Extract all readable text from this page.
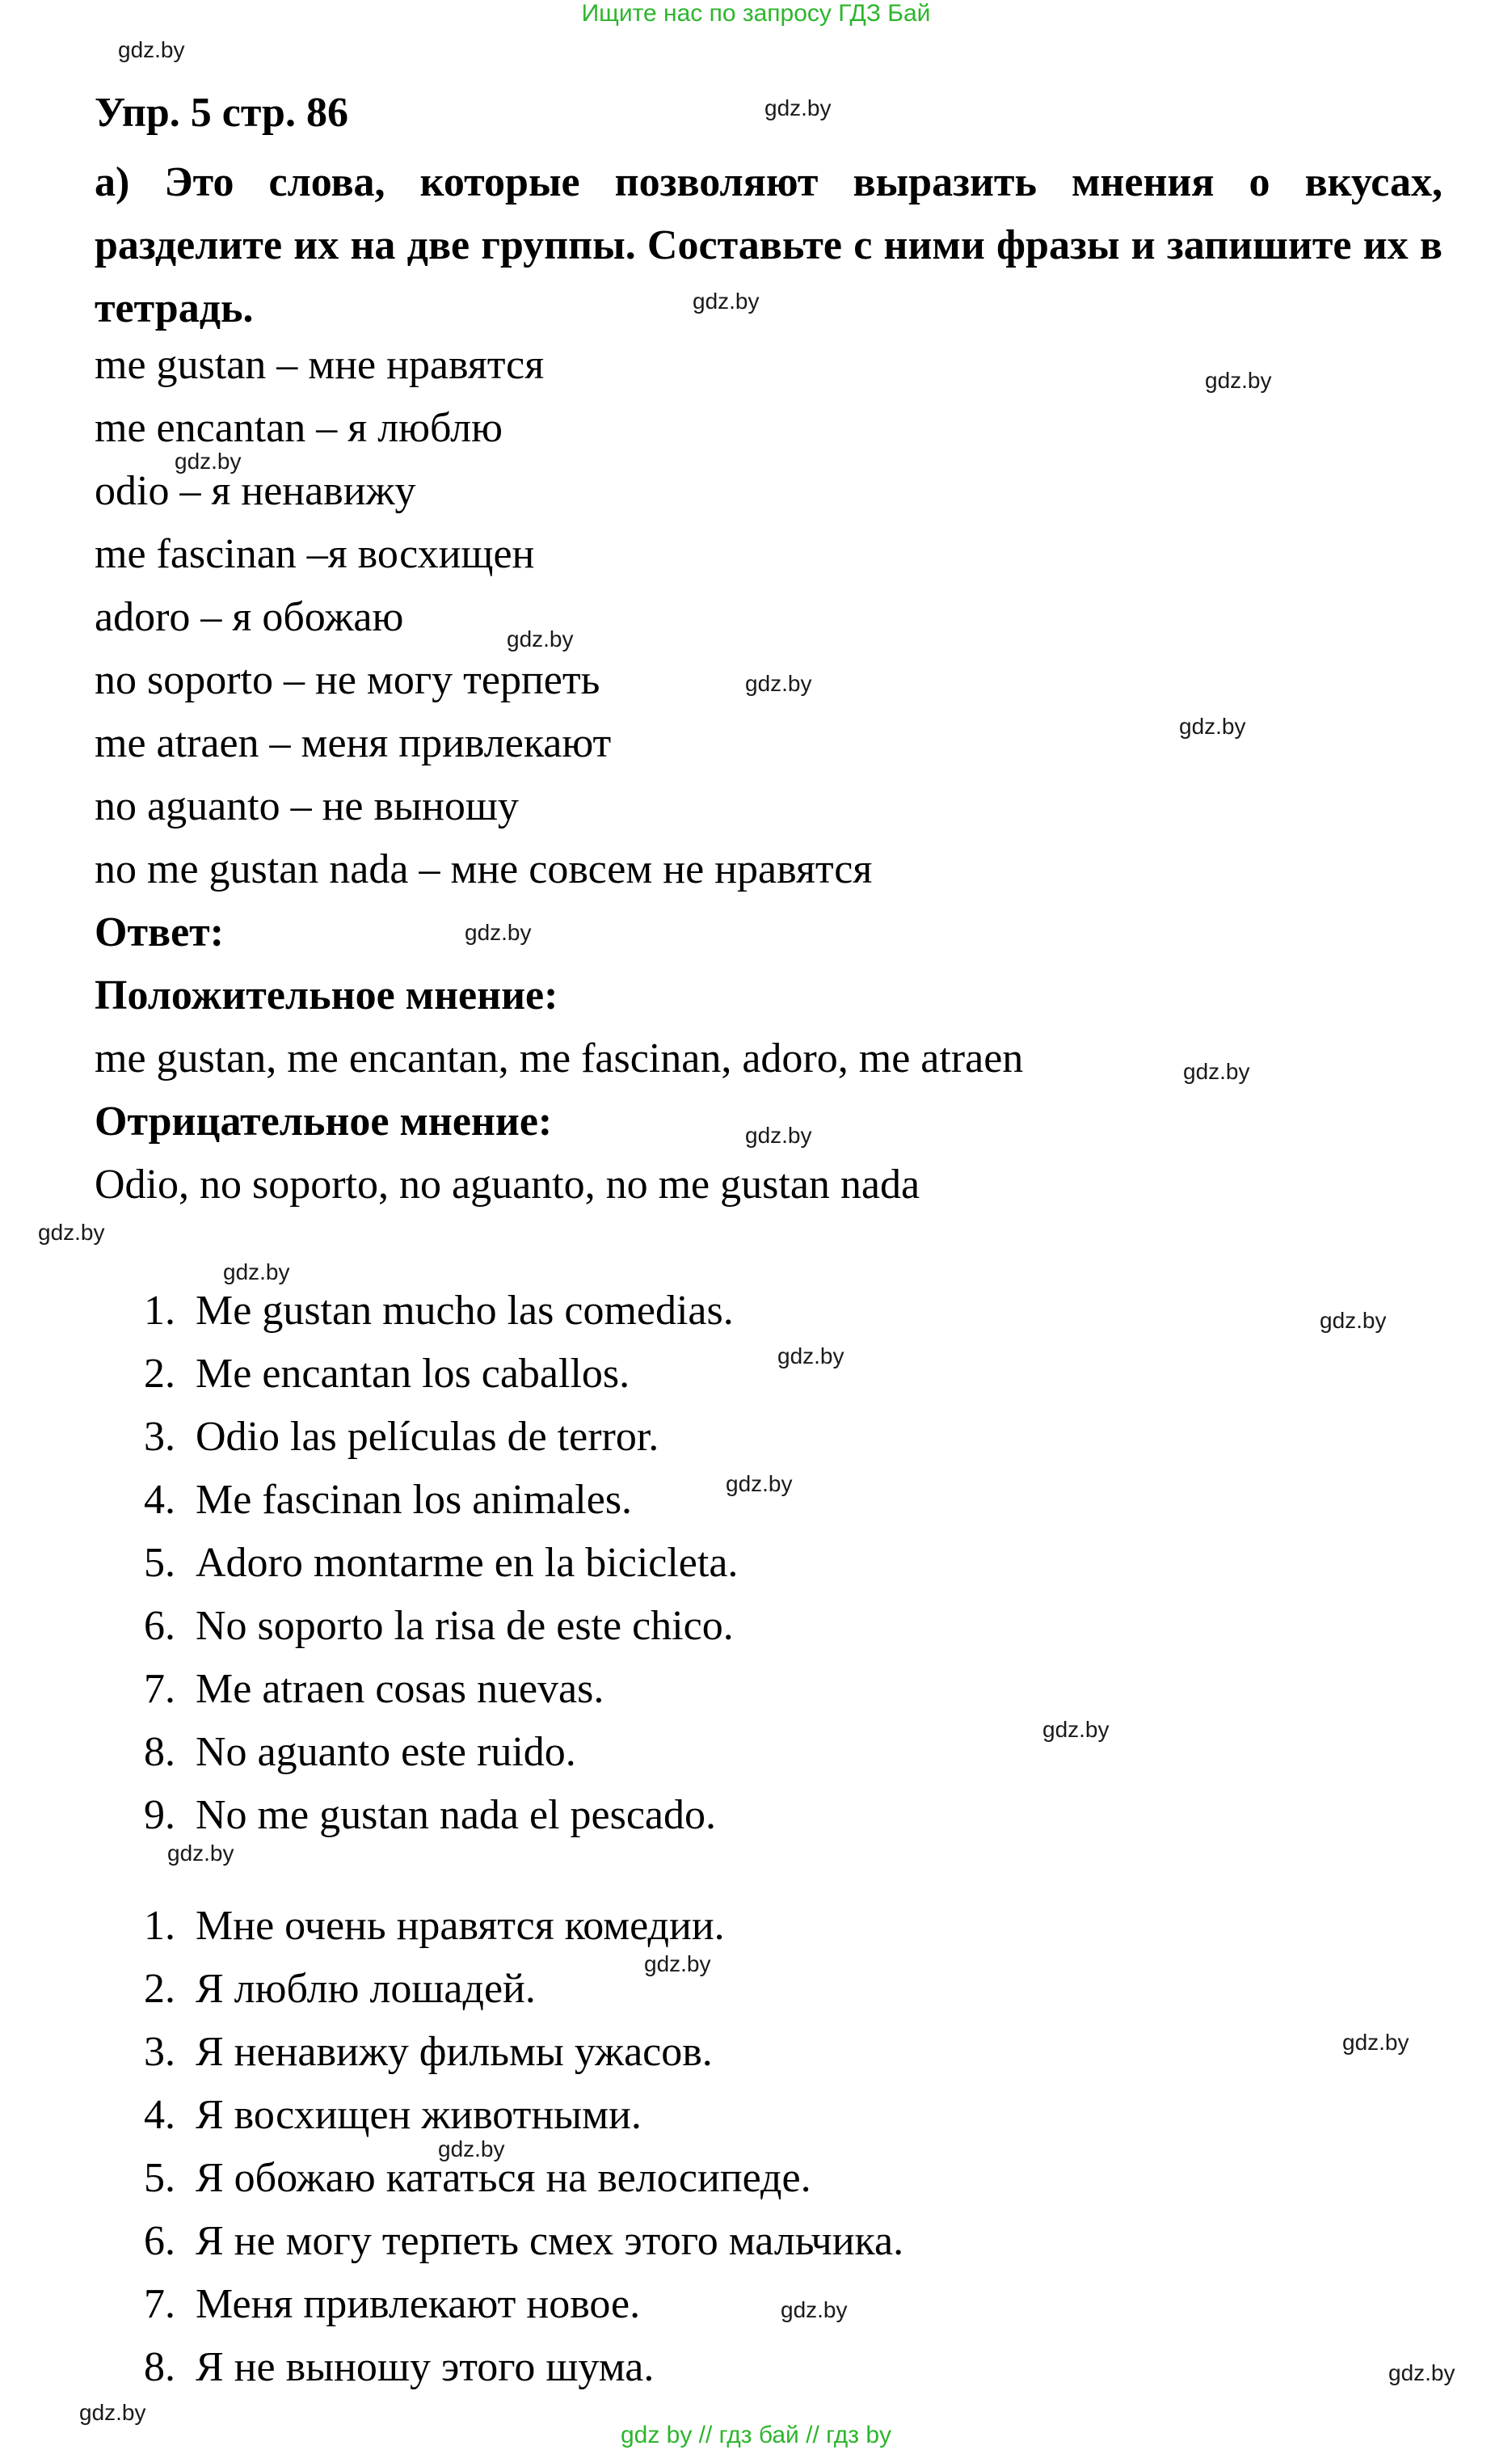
Ищите нас по запросу ГДЗ Бай
Упр. 5 стр. 86
а) Это слова, которые позволяют выразить мнения о вкусах, разделите их на две группы. Составьте с ними фразы и запишите их в тетрадь.
me gustan – мне нравятся
me encantan – я люблю
odio – я ненавижу
me fascinan –я восхищен
adoro – я обожаю
no soporto – не могу терпеть
me atraen – меня привлекают
no aguanto – не выношу
no me gustan nada – мне совсем не нравятся
Ответ:
Положительное мнение:
me gustan, me encantan, me fascinan, adoro, me atraen
Отрицательное мнение:
Odio, no soporto, no aguanto, no me gustan nada
1. Me gustan mucho las comedias.
2. Me encantan los caballos.
3. Odio las películas de terror.
4. Me fascinan los animales.
5. Adoro montarme en la bicicleta.
6. No soporto la risa de este chico.
7. Me atraen cosas nuevas.
8. No aguanto este ruido.
9. No me gustan nada el pescado.
1. Мне очень нравятся комедии.
2. Я люблю лошадей.
3. Я ненавижу фильмы ужасов.
4. Я восхищен животными.
5. Я обожаю кататься на велосипеде.
6. Я не могу терпеть смех этого мальчика.
7. Меня привлекают новое.
8. Я не выношу этого шума.
gdz.by
gdz.by
gdz.by
gdz.by
gdz.by
gdz.by
gdz.by
gdz.by
gdz.by
gdz.by
gdz.by
gdz.by
gdz.by
gdz.by
gdz.by
gdz.by
gdz.by
gdz.by
gdz.by
gdz.by
gdz.by
gdz.by
gdz.by
gdz.by
gdz by // гдз бай // гдз by
